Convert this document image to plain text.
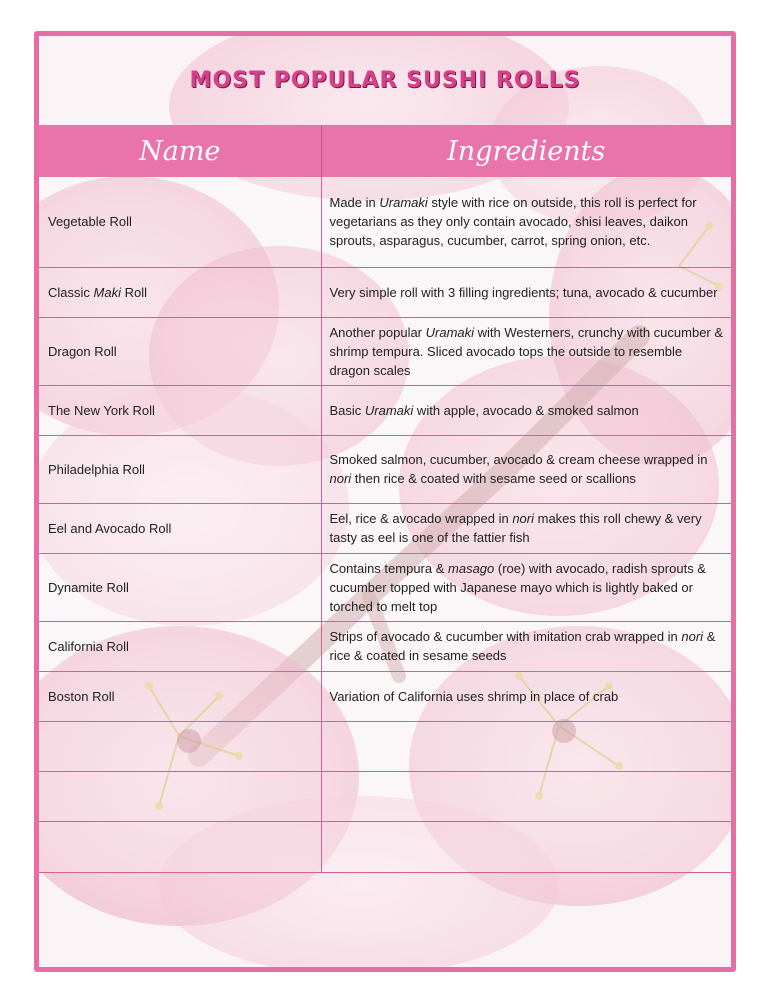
MOST POPULAR SUSHI ROLLS
Name	Ingredients
Vegetable Roll	Made in Uramaki style with rice on outside, this roll is perfect for vegetarians as they only contain avocado, shisi leaves, daikon sprouts, asparagus, cucumber, carrot, spring onion, etc.
Classic Maki Roll	Very simple roll with 3 filling ingredients; tuna, avocado & cucumber
Dragon Roll	Another popular Uramaki with Westerners, crunchy with cucumber & shrimp tempura. Sliced avocado tops the outside to resemble dragon scales
The New York Roll	Basic Uramaki with apple, avocado & smoked salmon
Philadelphia Roll	Smoked salmon, cucumber, avocado & cream cheese wrapped in nori then rice & coated with sesame seed or scallions
Eel and Avocado Roll	Eel, rice & avocado wrapped in nori makes this roll chewy & very tasty as eel is one of the fattier fish
Dynamite Roll	Contains tempura & masago (roe) with avocado, radish sprouts & cucumber topped with Japanese mayo which is lightly baked or torched to melt top
California Roll	Strips of avocado & cucumber with imitation crab wrapped in nori & rice & coated in sesame seeds
Boston Roll	Variation of California uses shrimp in place of crab
